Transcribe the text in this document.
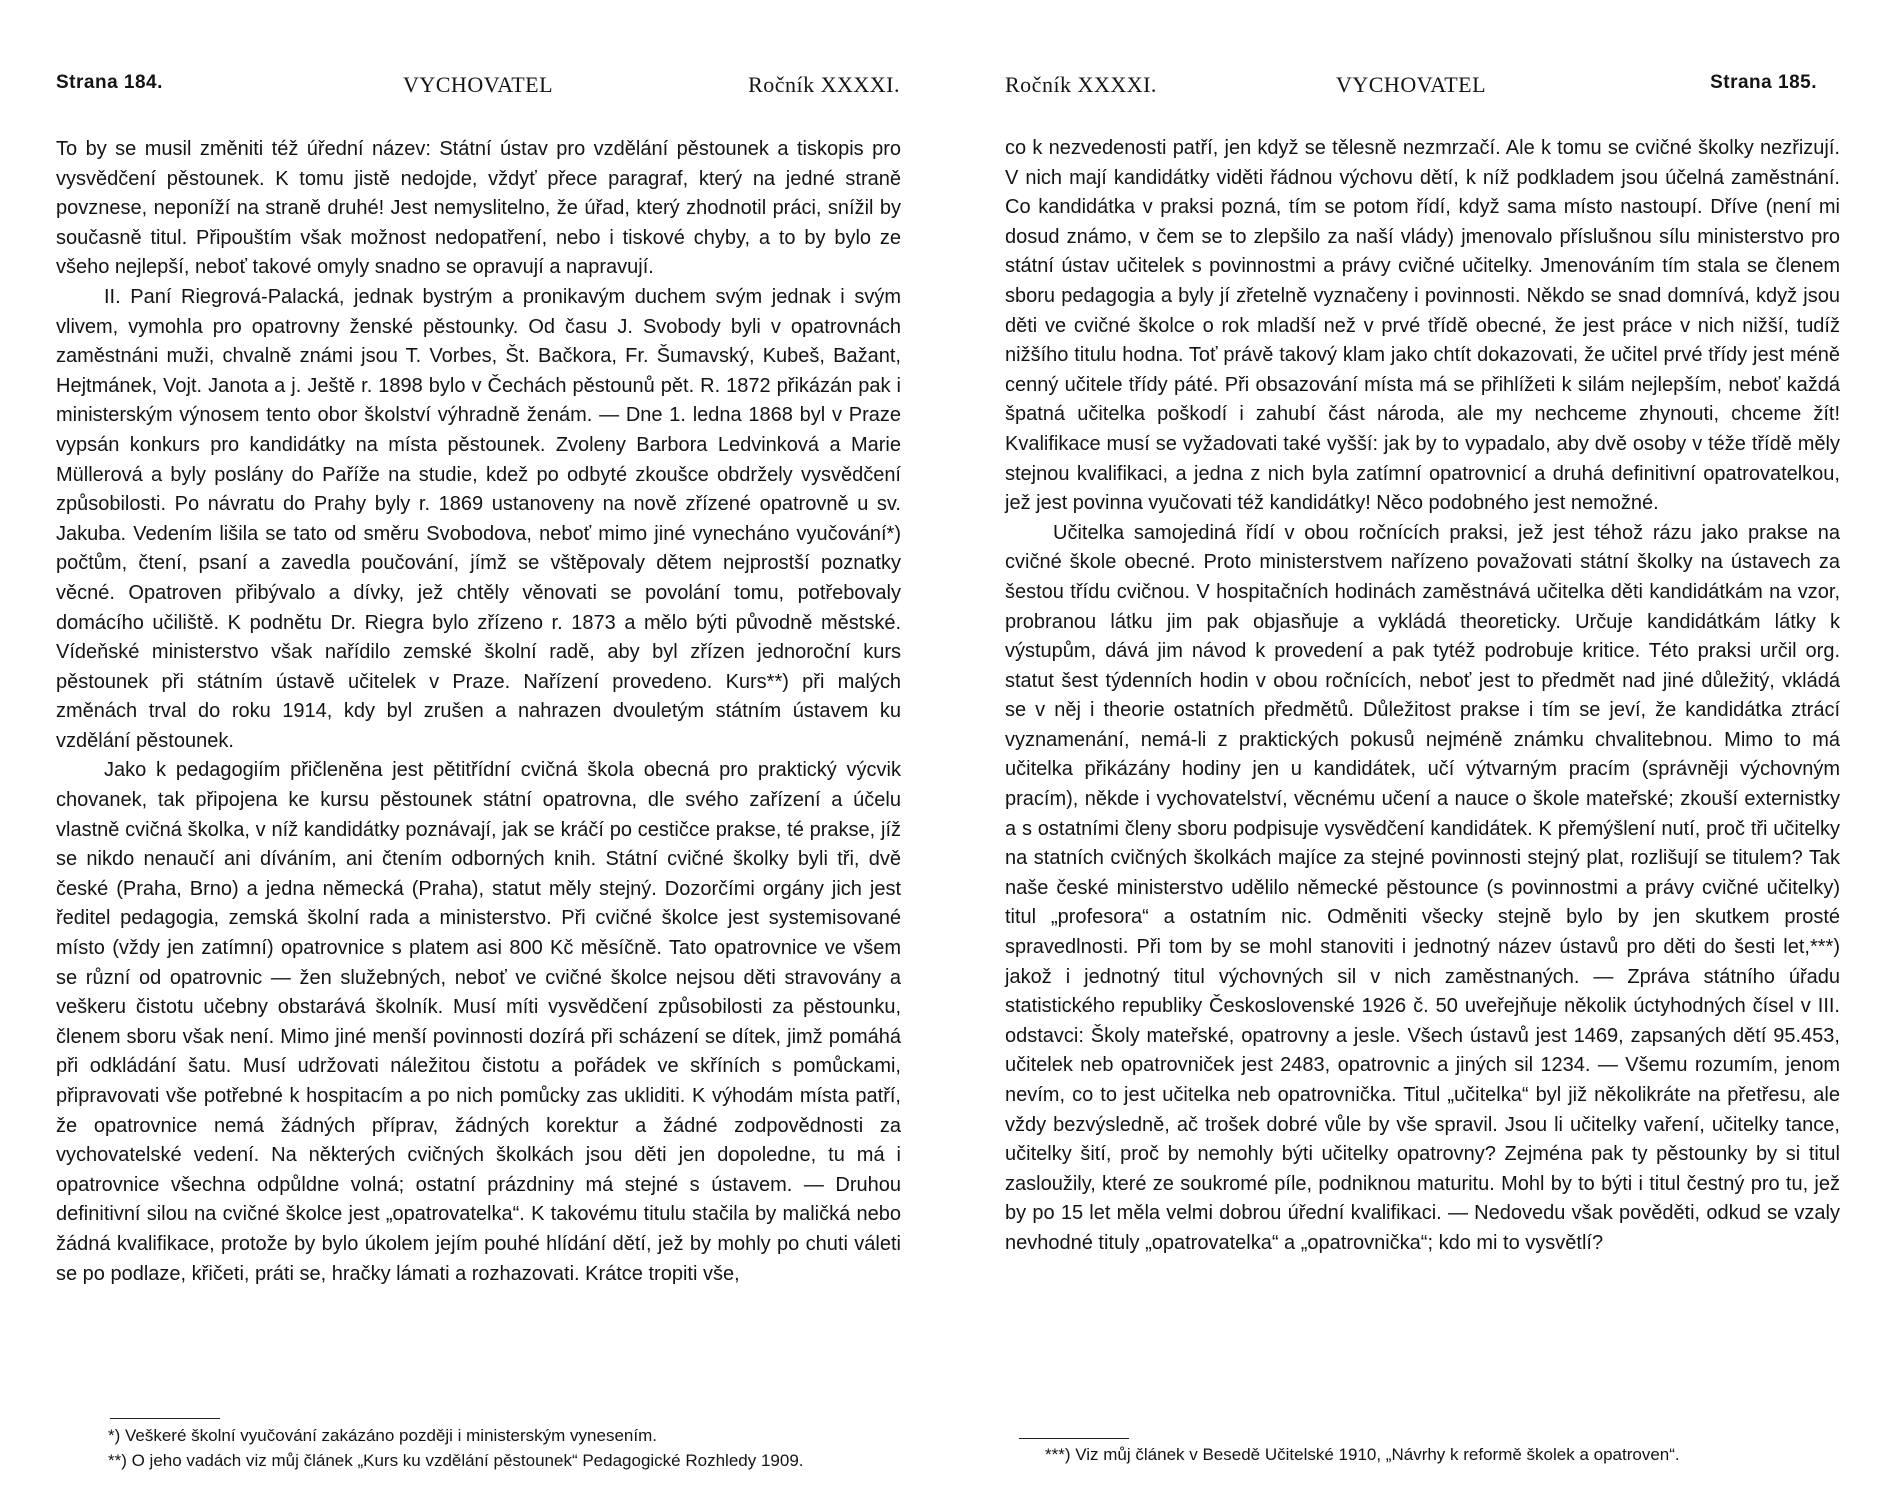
Strana 184.	VYCHOVATEL	Ročník XXXXI.

To by se musil změniti též úřední název: Státní ústav pro vzdělání pěstounek a tiskopis pro vysvědčení pěstounek. K tomu jistě nedojde, vždyť přece paragraf, který na jedné straně povznese, neponíží na straně druhé! Jest nemyslitelno, že úřad, který zhodnotil práci, snížil by současně titul. Připouštím však možnost nedopatření, nebo i tiskové chyby, a to by bylo ze všeho nejlepší, neboť takové omyly snadno se opravují a napravují.

II. Paní Riegrová-Palacká, jednak bystrým a pronikavým duchem svým jednak i svým vlivem, vymohla pro opatrovny ženské pěstounky. Od času J. Svobody byli v opatrovnách zaměstnáni muži, chvalně známi jsou T. Vorbes, Št. Bačkora, Fr. Šumavský, Kubeš, Bažant, Hejtmánek, Vojt. Janota a j. Ještě r. 1898 bylo v Čechách pěstounů pět. R. 1872 přikázán pak i ministerským výnosem tento obor školství výhradně ženám. — Dne 1. ledna 1868 byl v Praze vypsán konkurs pro kandidátky na místa pěstounek. Zvoleny Barbora Ledvinková a Marie Müllerová a byly poslány do Paříže na studie, kdež po odbyté zkoušce obdržely vysvědčení způsobilosti. Po návratu do Prahy byly r. 1869 ustanoveny na nově zřízené opatrovně u sv. Jakuba. Vedením lišila se tato od směru Svobodova, neboť mimo jiné vynecháno vyučování*) počtům, čtení, psaní a zavedla poučování, jímž se vštěpovaly dětem nejprostší poznatky věcné. Opatroven přibývalo a dívky, jež chtěly věnovati se povolání tomu, potřebovaly domácího učiliště. K podnětu Dr. Riegra bylo zřízeno r. 1873 a mělo býti původně městské. Vídeňské ministerstvo však nařídilo zemské školní radě, aby byl zřízen jednoroční kurs pěstounek při státním ústavě učitelek v Praze. Nařízení provedeno. Kurs**) při malých změnách trval do roku 1914, kdy byl zrušen a nahrazen dvouletým státním ústavem ku vzdělání pěstounek.

Jako k pedagogiím přičleněna jest pětitřídní cvičná škola obecná pro praktický výcvik chovanek, tak připojena ke kursu pěstounek státní opatrovna, dle svého zařízení a účelu vlastně cvičná školka, v níž kandidátky poznávají, jak se kráčí po cestičce prakse, té prakse, jíž se nikdo nenaučí ani díváním, ani čtením odborných knih. Státní cvičné školky byli tři, dvě české (Praha, Brno) a jedna německá (Praha), statut měly stejný. Dozorčími orgány jich jest ředitel pedagogia, zemská školní rada a ministerstvo. Při cvičné školce jest systemisované místo (vždy jen zatímní) opatrovnice s platem asi 800 Kč měsíčně. Tato opatrovnice ve všem se různí od opatrovnic — žen služebných, neboť ve cvičné školce nejsou děti stravovány a veškeru čistotu učebny obstarává školník. Musí míti vysvědčení způsobilosti za pěstounku, členem sboru však není. Mimo jiné menší povinnosti dozírá při scházení se dítek, jimž pomáhá při odkládání šatu. Musí udržovati náležitou čistotu a pořádek ve skříních s pomůckami, připravovati vše potřebné k hospitacím a po nich pomůcky zas ukliditi. K výhodám místa patří, že opatrovnice nemá žádných příprav, žádných korektur a žádné zodpovědnosti za vychovatelské vedení. Na některých cvičných školkách jsou děti jen dopoledne, tu má i opatrovnice všechna odpůldne volná; ostatní prázdniny má stejné s ústavem. — Druhou definitivní silou na cvičné školce jest „opatrovatelka“. K takovému titulu stačila by maličká nebo žádná kvalifikace, protože by bylo úkolem jejím pouhé hlídání dětí, jež by mohly po chuti váleti se po podlaze, křičeti, práti se, hračky lámati a rozhazovati. Krátce tropiti vše,

*) Veškeré školní vyučování zakázáno později i ministerským vynesením.
**) O jeho vadách viz můj článek „Kurs ku vzdělání pěstounek“ Pedagogické Rozhledy 1909.
Ročník XXXXI.	VYCHOVATEL	Strana 185.

co k nezvedenosti patří, jen když se tělesně nezmrzačí. Ale k tomu se cvičné školky nezřizují. V nich mají kandidátky viděti řádnou výchovu dětí, k níž podkladem jsou účelná zaměstnání. Co kandidátka v praksi pozná, tím se potom řídí, když sama místo nastoupí. Dříve (není mi dosud známo, v čem se to zlepšilo za naší vlády) jmenovalo příslušnou sílu ministerstvo pro státní ústav učitelek s povinnostmi a právy cvičné učitelky. Jmenováním tím stala se členem sboru pedagogia a byly jí zřetelně vyznačeny i povinnosti. Někdo se snad domnívá, když jsou děti ve cvičné školce o rok mladší než v prvé třídě obecné, že jest práce v nich nižší, tudíž nižšího titulu hodna. Toť právě takový klam jako chtít dokazovati, že učitel prvé třídy jest méně cenný učitele třídy páté. Při obsazování místa má se přihlížeti k silám nejlepším, neboť každá špatná učitelka poškodí i zahubí část národa, ale my nechceme zhynouti, chceme žít! Kvalifikace musí se vyžadovati také vyšší: jak by to vypadalo, aby dvě osoby v téže třídě měly stejnou kvalifikaci, a jedna z nich byla zatímní opatrovnicí a druhá definitivní opatrovatelkou, jež jest povinna vyučovati též kandidátky! Něco podobného jest nemožné.

Učitelka samojediná řídí v obou ročnících praksi, jež jest téhož rázu jako prakse na cvičné škole obecné. Proto ministerstvem nařízeno považovati státní školky na ústavech za šestou třídu cvičnou. V hospitačních hodinách zaměstnává učitelka děti kandidátkám na vzor, probranou látku jim pak objasňuje a vykládá theoreticky. Určuje kandidátkám látky k výstupům, dává jim návod k provedení a pak tytéž podrobuje kritice. Této praksi určil org. statut šest týdenních hodin v obou ročnících, neboť jest to předmět nad jiné důležitý, vkládá se v něj i theorie ostatních předmětů. Důležitost prakse i tím se jeví, že kandidátka ztrácí vyznamenání, nemá-li z praktických pokusů nejméně známku chvalitebnou. Mimo to má učitelka přikázány hodiny jen u kandidátek, učí výtvarným pracím (správněji výchovným pracím), někde i vychovatelství, věcnému učení a nauce o škole mateřské; zkouší externistky a s ostatními členy sboru podpisuje vysvědčení kandidátek. K přemýšlení nutí, proč tři učitelky na statních cvičných školkách majíce za stejné povinnosti stejný plat, rozlišují se titulem? Tak naše české ministerstvo udělilo německé pěstounce (s povinnostmi a právy cvičné učitelky) titul „profesora“ a ostatním nic. Odměniti všecky stejně bylo by jen skutkem prosté spravedlnosti. Při tom by se mohl stanoviti i jednotný název ústavů pro děti do šesti let,***) jakož i jednotný titul výchovných sil v nich zaměstnaných. — Zpráva státního úřadu statistického republiky Československé 1926 č. 50 uveřejňuje několik úctyhodných čísel v III. odstavci: Školy mateřské, opatrovny a jesle. Všech ústavů jest 1469, zapsaných dětí 95.453, učitelek neb opatrovniček jest 2483, opatrovnic a jiných sil 1234. — Všemu rozumím, jenom nevím, co to jest učitelka neb opatrovnička. Titul „učitelka“ byl již několikráte na přetřesu, ale vždy bezvýsledně, ač trošek dobré vůle by vše spravil. Jsou li učitelky vaření, učitelky tance, učitelky šití, proč by nemohly býti učitelky opatrovny? Zejména pak ty pěstounky by si titul zasloužily, které ze soukromé píle, podniknou maturitu. Mohl by to býti i titul čestný pro tu, jež by po 15 let měla velmi dobrou úřední kvalifikaci. — Nedovedu však pověděti, odkud se vzaly nevhodné tituly „opatrovatelka“ a „opatrovnička“; kdo mi to vysvětlí?

***) Viz můj článek v Besedě Učitelské 1910, „Návrhy k reformě školek a opatroven“.
